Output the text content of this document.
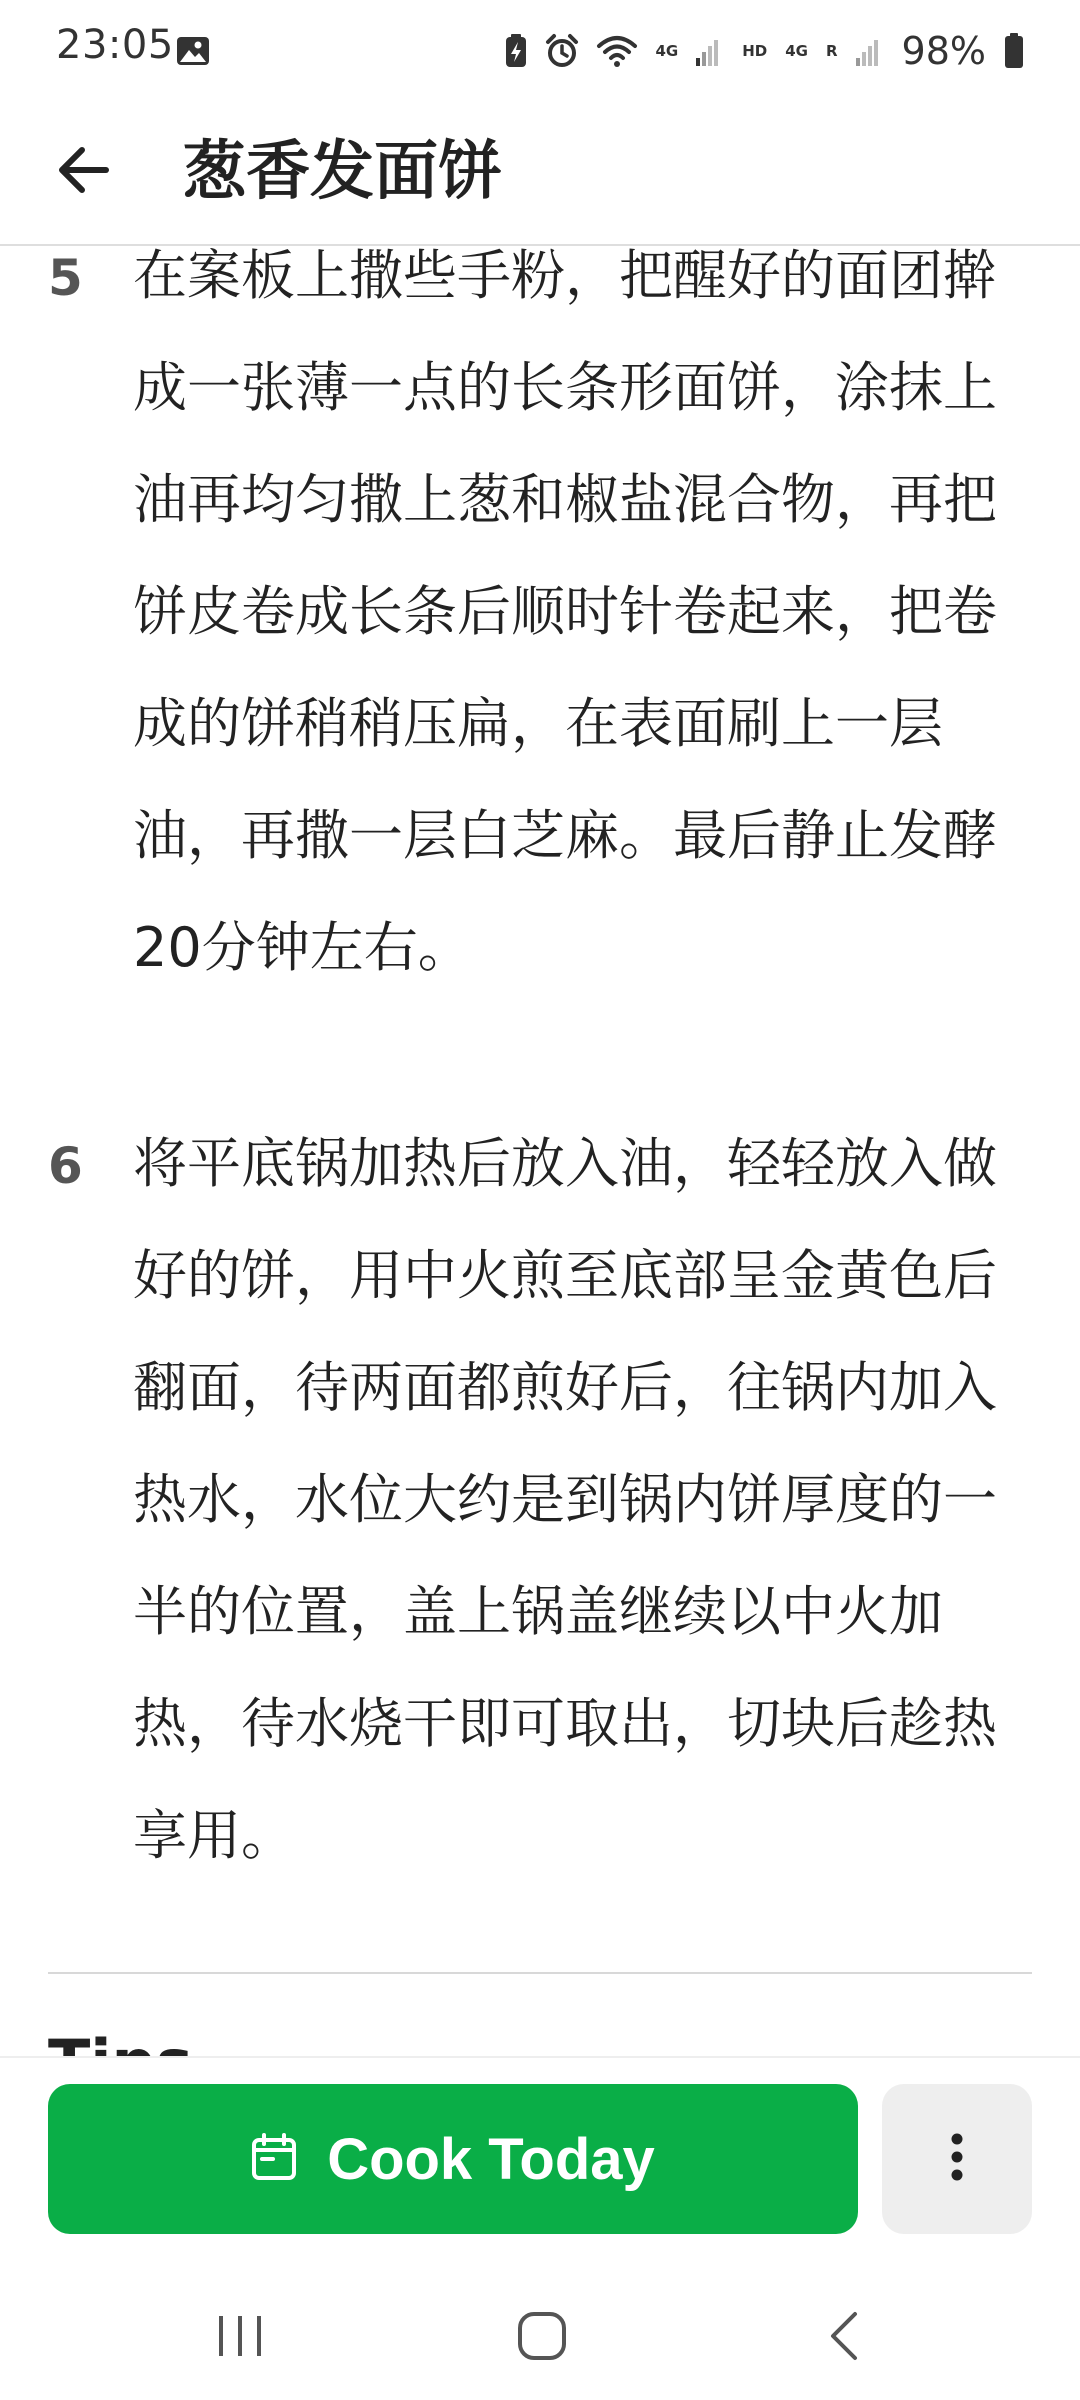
23:05	4G	HD 4G R 98%
葱香发面饼
5 在案板上撒些手粉，把醒好的面团擀成一张薄一点的长条形面饼，涂抹上油再均匀撒上葱和椒盐混合物，再把饼皮卷成长条后顺时针卷起来，把卷成的饼稍稍压扁，在表面刷上一层油，再撒一层白芝麻。最后静止发酵20分钟左右。

6 将平底锅加热后放入油，轻轻放入做好的饼，用中火煎至底部呈金黄色后翻面，待两面都煎好后，往锅内加入热水，水位大约是到锅内饼厚度的一半的位置，盖上锅盖继续以中火加热，待水烧干即可取出，切块后趁热享用。

Cook Today
